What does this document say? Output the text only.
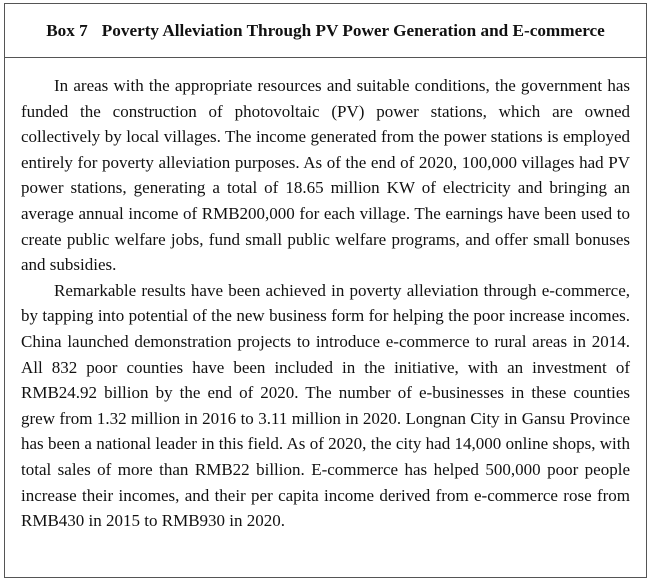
Box 7 Poverty Alleviation Through PV Power Generation and E-commerce

In areas with the appropriate resources and suitable conditions, the government has funded the construction of photovoltaic (PV) power stations, which are owned collectively by local villages. The income generated from the power stations is employed entirely for poverty alleviation purposes. As of the end of 2020, 100,000 villages had PV power stations, generating a total of 18.65 million KW of electricity and bringing an average annual income of RMB200,000 for each village. The earnings have been used to create public welfare jobs, fund small public welfare programs, and offer small bonuses and subsidies.

Remarkable results have been achieved in poverty alleviation through e-commerce, by tapping into potential of the new business form for helping the poor increase incomes. China launched demonstration projects to introduce e-commerce to rural areas in 2014. All 832 poor counties have been included in the initiative, with an investment of RMB24.92 billion by the end of 2020. The number of e-businesses in these counties grew from 1.32 million in 2016 to 3.11 million in 2020. Longnan City in Gansu Province has been a national leader in this field. As of 2020, the city had 14,000 online shops, with total sales of more than RMB22 billion. E-commerce has helped 500,000 poor people increase their incomes, and their per capita income derived from e-commerce rose from RMB430 in 2015 to RMB930 in 2020.
